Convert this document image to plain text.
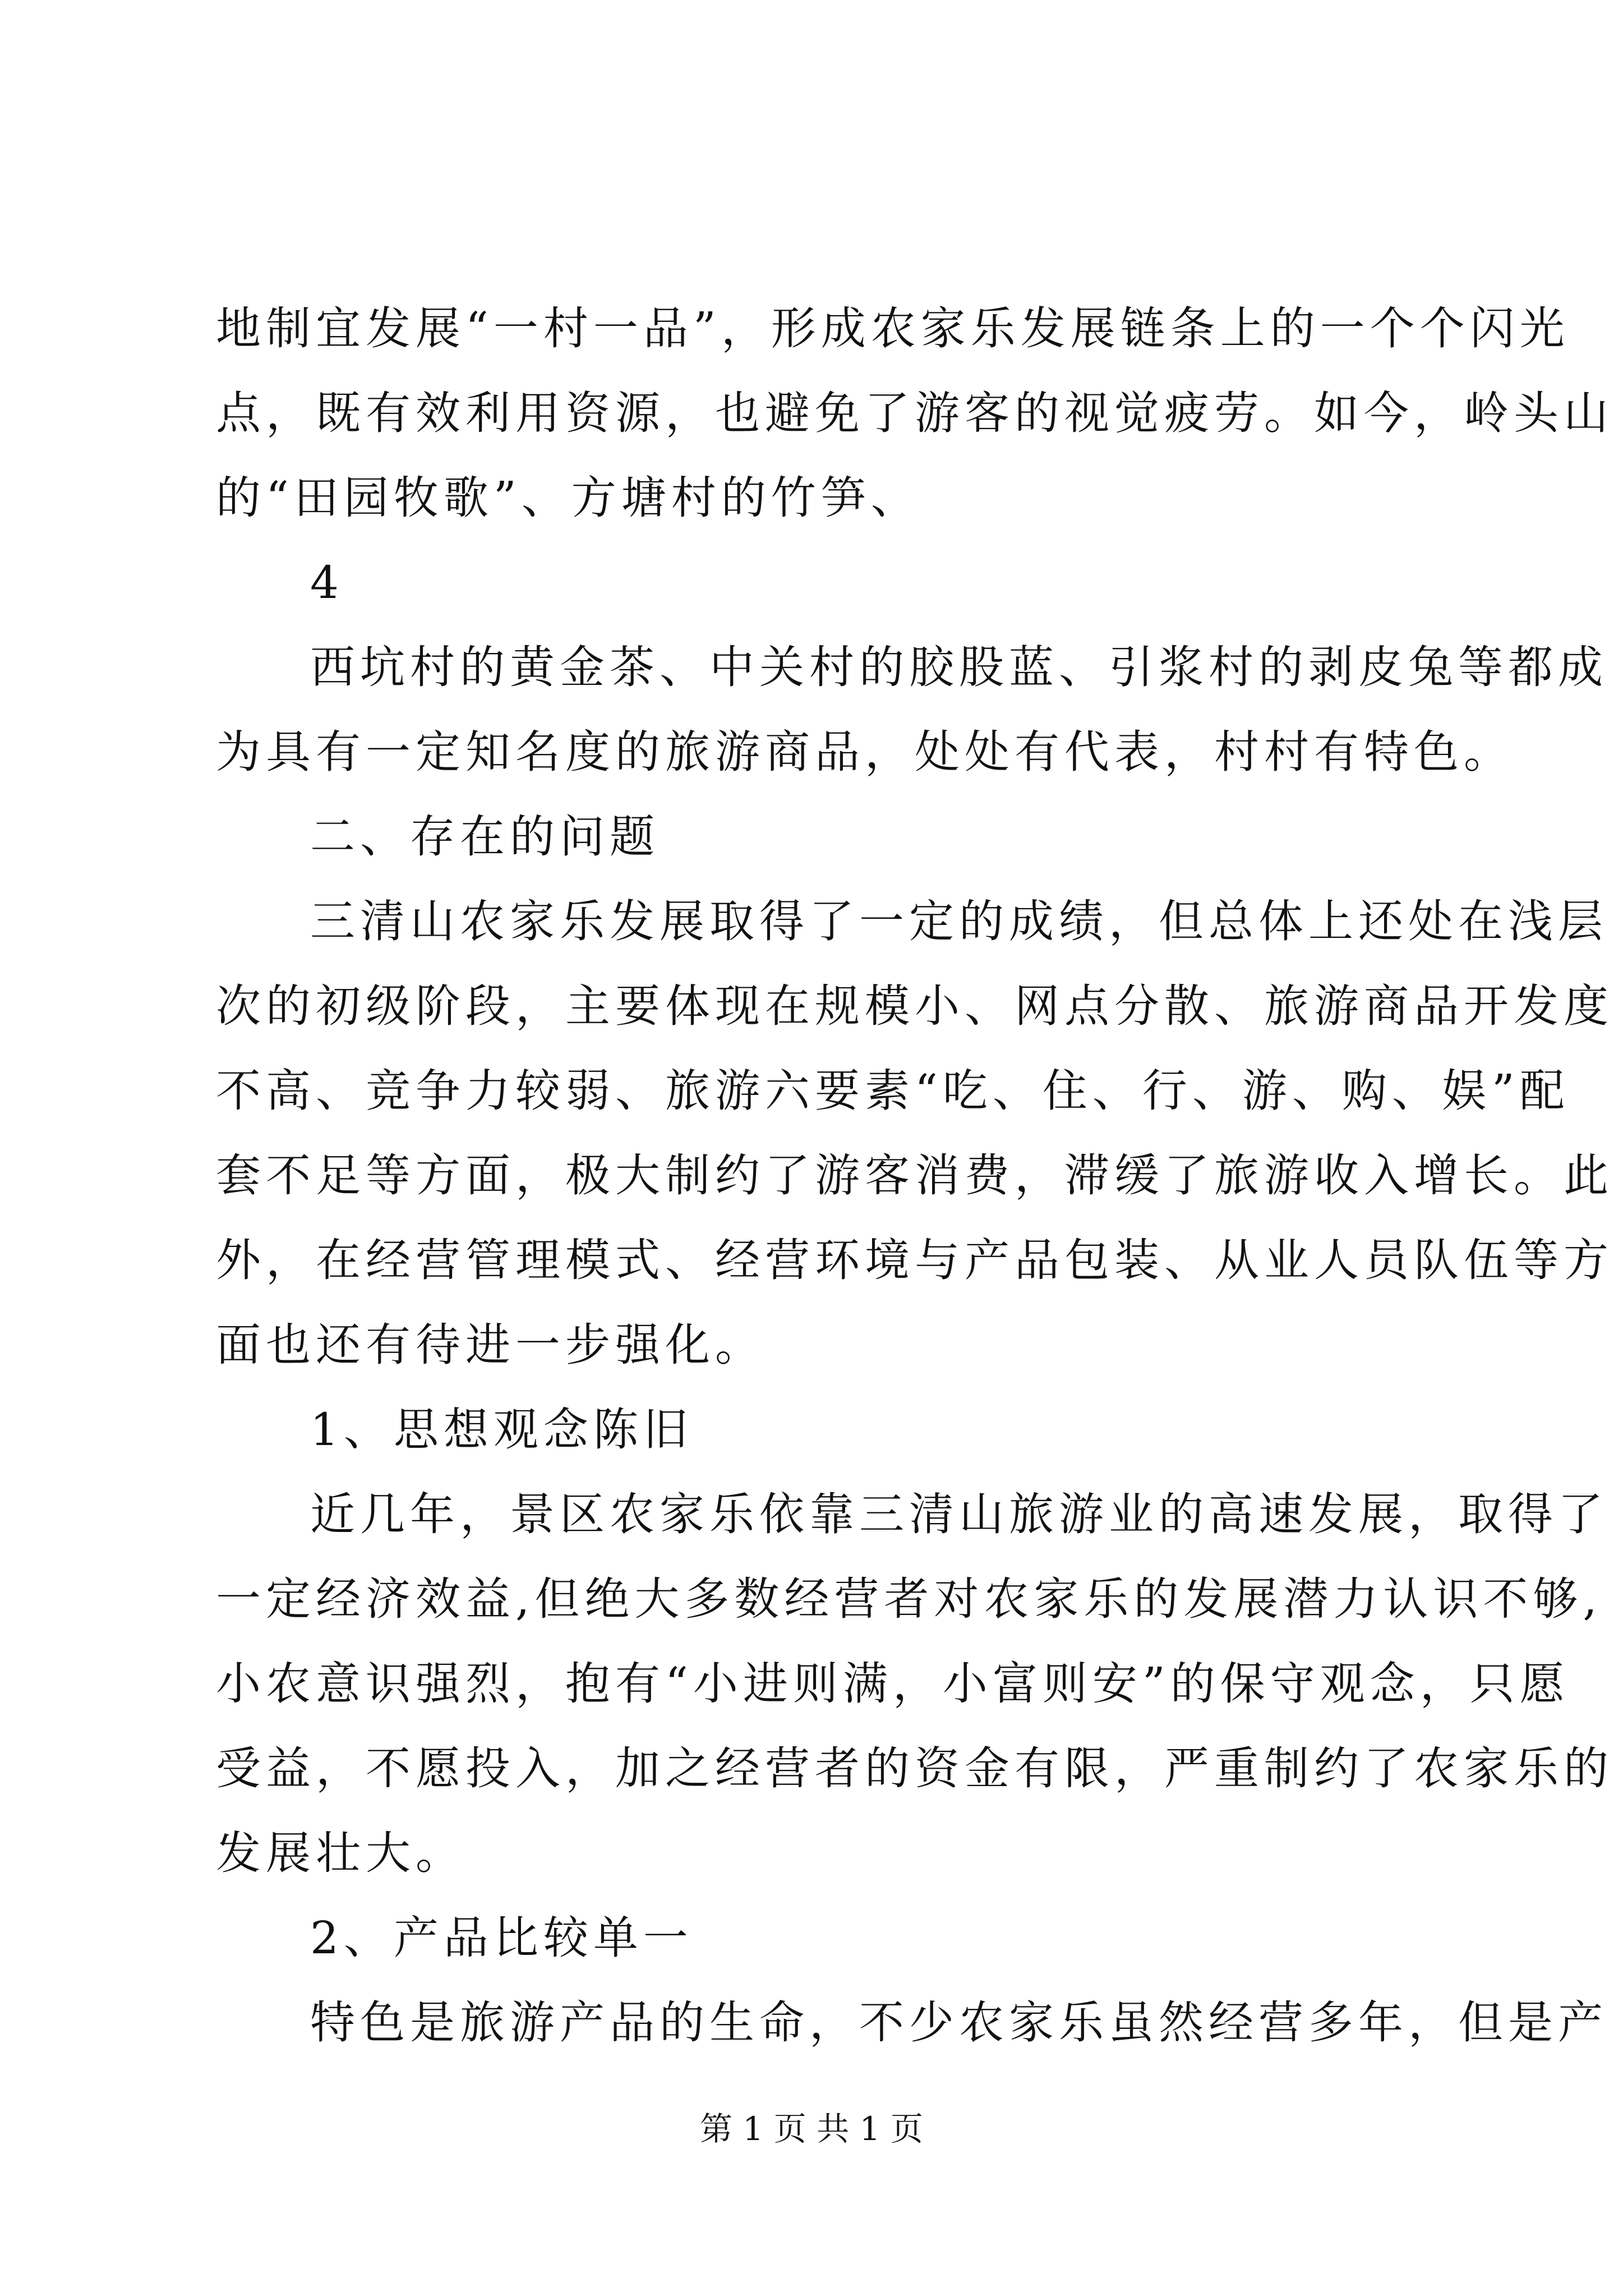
地制宜发展“一村一品”，形成农家乐发展链条上的一个个闪光
点，既有效利用资源，也避免了游客的视觉疲劳。如今，岭头山
的“田园牧歌”、方塘村的竹笋、
4
西坑村的黄金茶、中关村的胶股蓝、引浆村的剥皮兔等都成
为具有一定知名度的旅游商品，处处有代表，村村有特色。
二、存在的问题
三清山农家乐发展取得了一定的成绩，但总体上还处在浅层
次的初级阶段，主要体现在规模小、网点分散、旅游商品开发度
不高、竞争力较弱、旅游六要素“吃、住、行、游、购、娱”配
套不足等方面，极大制约了游客消费，滞缓了旅游收入增长。此
外，在经营管理模式、经营环境与产品包装、从业人员队伍等方
面也还有待进一步强化。
1、思想观念陈旧
近几年，景区农家乐依靠三清山旅游业的高速发展，取得了
一定经济效益,但绝大多数经营者对农家乐的发展潜力认识不够,
小农意识强烈，抱有“小进则满，小富则安”的保守观念，只愿
受益，不愿投入，加之经营者的资金有限，严重制约了农家乐的
发展壮大。
2、产品比较单一
特色是旅游产品的生命，不少农家乐虽然经营多年，但是产
第 1 页 共 1 页
